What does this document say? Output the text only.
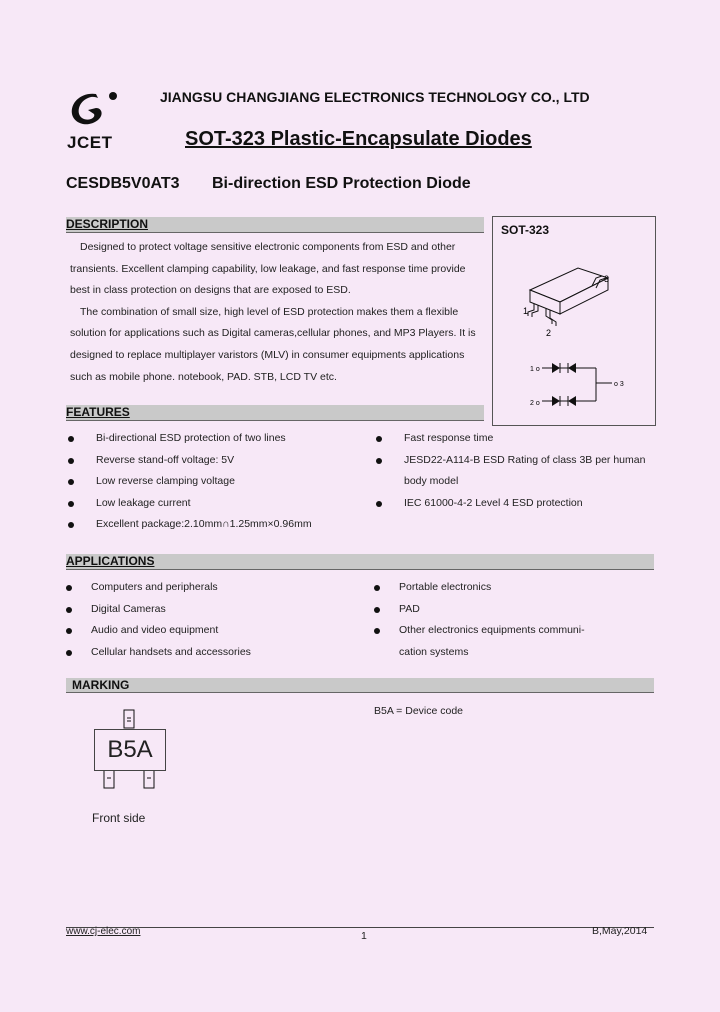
JCET
JIANGSU CHANGJIANG ELECTRONICS TECHNOLOGY CO., LTD
SOT-323 Plastic-Encapsulate Diodes
CESDB5V0AT3 Bi-direction ESD Protection Diode
DESCRIPTION

Designed to protect voltage sensitive electronic components from ESD and other transients. Excellent clamping capability, low leakage, and fast response time provide best in class protection on designs that are exposed to ESD.

The combination of small size, high level of ESD protection makes them a flexible solution for applications such as Digital cameras,cellular phones, and MP3 Players. It is designed to replace multiplayer varistors (MLV) in consumer equipments applications such as mobile phone. notebook, PAD. STB, LCD TV etc.

SOT-323
1
2
3
1 o
2 o
o 3
FEATURES
Bi-directional ESD protection of two lines
Reverse stand-off voltage: 5V
Low reverse clamping voltage
Low leakage current
Excellent package:2.10mm∩1.25mm×0.96mm
Fast response time
JESD22-A114-B ESD Rating of class 3B per human
body model
IEC 61000-4-2 Level 4 ESD protection
APPLICATIONS
Computers and peripherals
Digital Cameras
Audio and video equipment
Cellular handsets and accessories
Portable electronics
PAD
Other electronics equipments communi-
cation systems
MARKING
B5A
Front side
B5A = Device code
www.cj-elec.com	1	B,May,2014
